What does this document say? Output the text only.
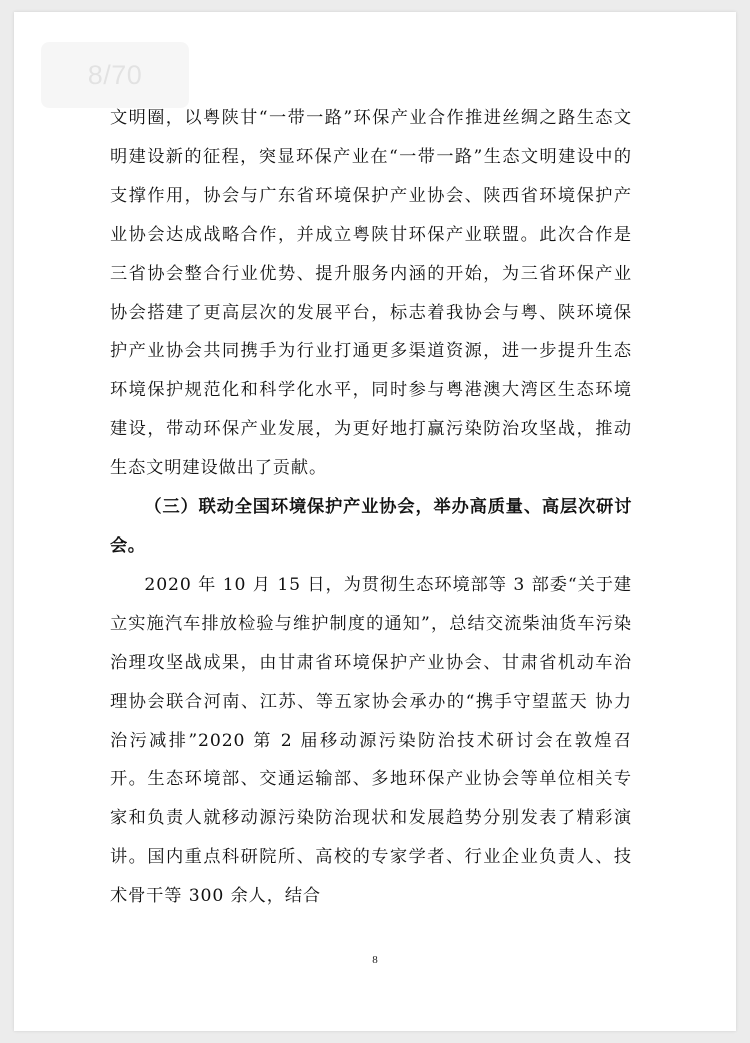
8/70

文明圈，以粤陕甘“一带一路”环保产业合作推进丝绸之路生态文明建设新的征程，突显环保产业在“一带一路”生态文明建设中的支撑作用，协会与广东省环境保护产业协会、陕西省环境保护产业协会达成战略合作，并成立粤陕甘环保产业联盟。此次合作是三省协会整合行业优势、提升服务内涵的开始，为三省环保产业协会搭建了更高层次的发展平台，标志着我协会与粤、陕环境保护产业协会共同携手为行业打通更多渠道资源，进一步提升生态环境保护规范化和科学化水平，同时参与粤港澳大湾区生态环境建设，带动环保产业发展，为更好地打赢污染防治攻坚战，推动生态文明建设做出了贡献。

（三）联动全国环境保护产业协会，举办高质量、高层次研讨会。

2020 年 10 月 15 日，为贯彻生态环境部等 3 部委“关于建立实施汽车排放检验与维护制度的通知”，总结交流柴油货车污染治理攻坚战成果，由甘肃省环境保护产业协会、甘肃省机动车治理协会联合河南、江苏、等五家协会承办的“携手守望蓝天 协力治污减排”2020 第 2 届移动源污染防治技术研讨会在敦煌召开。生态环境部、交通运输部、多地环保产业协会等单位相关专家和负责人就移动源污染防治现状和发展趋势分别发表了精彩演讲。国内重点科研院所、高校的专家学者、行业企业负责人、技术骨干等 300 余人，结合

8
